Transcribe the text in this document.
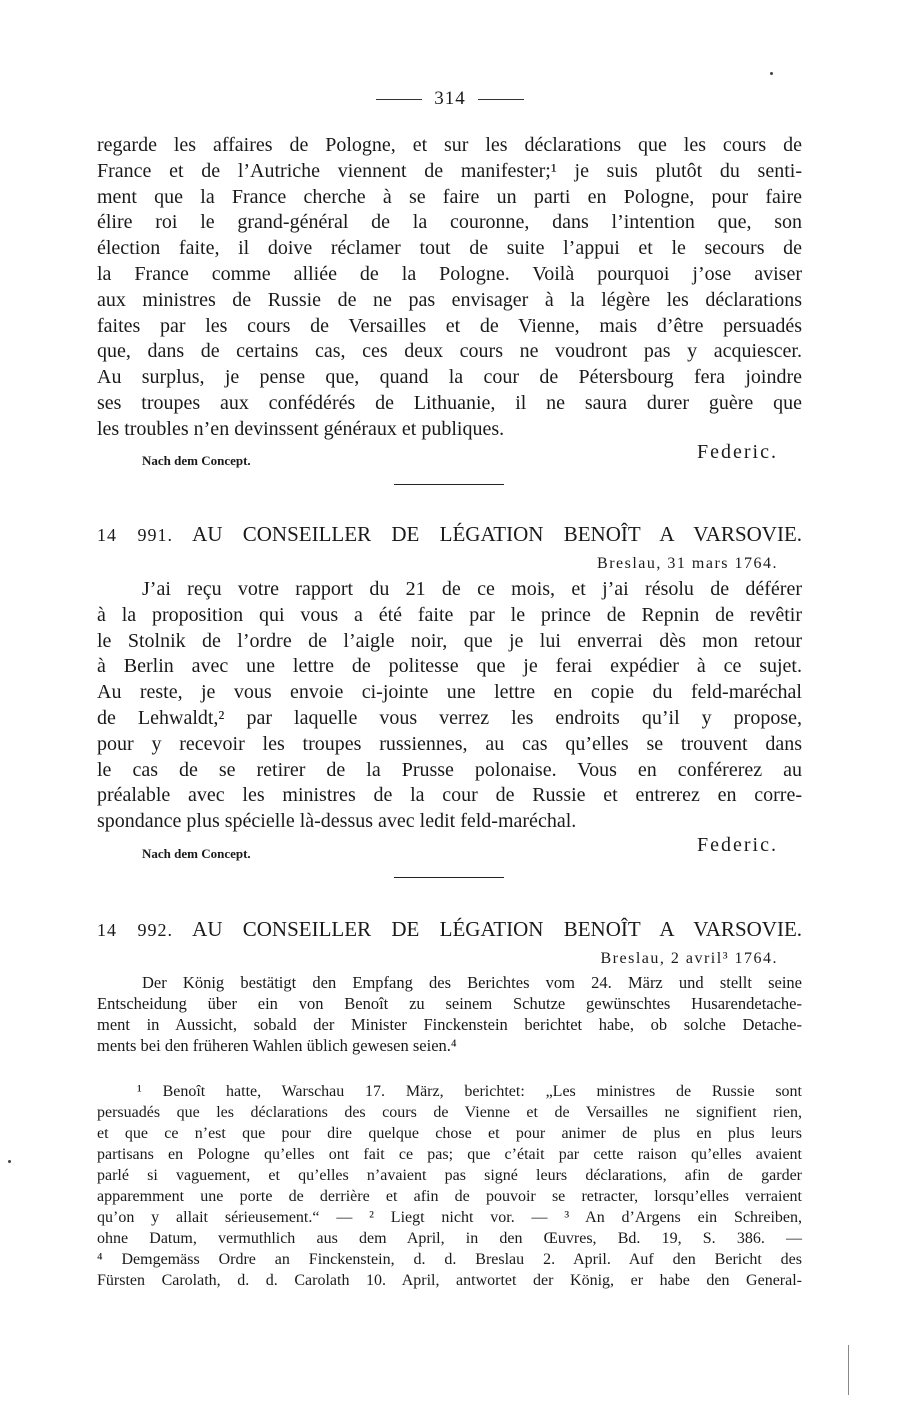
314
regarde les affaires de Pologne, et sur les déclarations que les cours de
France et de l’Autriche viennent de manifester;¹ je suis plutôt du senti-
ment que la France cherche à se faire un parti en Pologne, pour faire
élire roi le grand-général de la couronne, dans l’intention que, son
élection faite, il doive réclamer tout de suite l’appui et le secours de
la France comme alliée de la Pologne. Voilà pourquoi j’ose aviser
aux ministres de Russie de ne pas envisager à la légère les déclarations
faites par les cours de Versailles et de Vienne, mais d’être persuadés
que, dans de certains cas, ces deux cours ne voudront pas y acquiescer.
Au surplus, je pense que, quand la cour de Pétersbourg fera joindre
ses troupes aux confédérés de Lithuanie, il ne saura durer guère que
les troubles n’en devinssent généraux et publiques.
Nach dem Concept.	Federic.
14 991. AU CONSEILLER DE LÉGATION BENOÎT A VARSOVIE.
Breslau, 31 mars 1764.
J’ai reçu votre rapport du 21 de ce mois, et j’ai résolu de déférer
à la proposition qui vous a été faite par le prince de Repnin de revêtir
le Stolnik de l’ordre de l’aigle noir, que je lui enverrai dès mon retour
à Berlin avec une lettre de politesse que je ferai expédier à ce sujet.
Au reste, je vous envoie ci-jointe une lettre en copie du feld-maréchal
de Lehwaldt,² par laquelle vous verrez les endroits qu’il y propose,
pour y recevoir les troupes russiennes, au cas qu’elles se trouvent dans
le cas de se retirer de la Prusse polonaise. Vous en conférerez au
préalable avec les ministres de la cour de Russie et entrerez en corre-
spondance plus spécielle là-dessus avec ledit feld-maréchal.
Nach dem Concept.	Federic.
14 992. AU CONSEILLER DE LÉGATION BENOÎT A VARSOVIE.
Breslau, 2 avril³ 1764.
Der König bestätigt den Empfang des Berichtes vom 24. März und stellt seine
Entscheidung über ein von Benoît zu seinem Schutze gewünschtes Husarendetache-
ment in Aussicht, sobald der Minister Finckenstein berichtet habe, ob solche Detache-
ments bei den früheren Wahlen üblich gewesen seien.⁴
¹ Benoît hatte, Warschau 17. März, berichtet: „Les ministres de Russie sont
persuadés que les déclarations des cours de Vienne et de Versailles ne signifient rien,
et que ce n’est que pour dire quelque chose et pour animer de plus en plus leurs
partisans en Pologne qu’elles ont fait ce pas; que c’était par cette raison qu’elles avaient
parlé si vaguement, et qu’elles n’avaient pas signé leurs déclarations, afin de garder
apparemment une porte de derrière et afin de pouvoir se retracter, lorsqu’elles verraient
qu’on y allait sérieusement.“ — ² Liegt nicht vor. — ³ An d’Argens ein Schreiben,
ohne Datum, vermuthlich aus dem April, in den Œuvres, Bd. 19, S. 386. —
⁴ Demgemäss Ordre an Finckenstein, d. d. Breslau 2. April. Auf den Bericht des
Fürsten Carolath, d. d. Carolath 10. April, antwortet der König, er habe den General-
